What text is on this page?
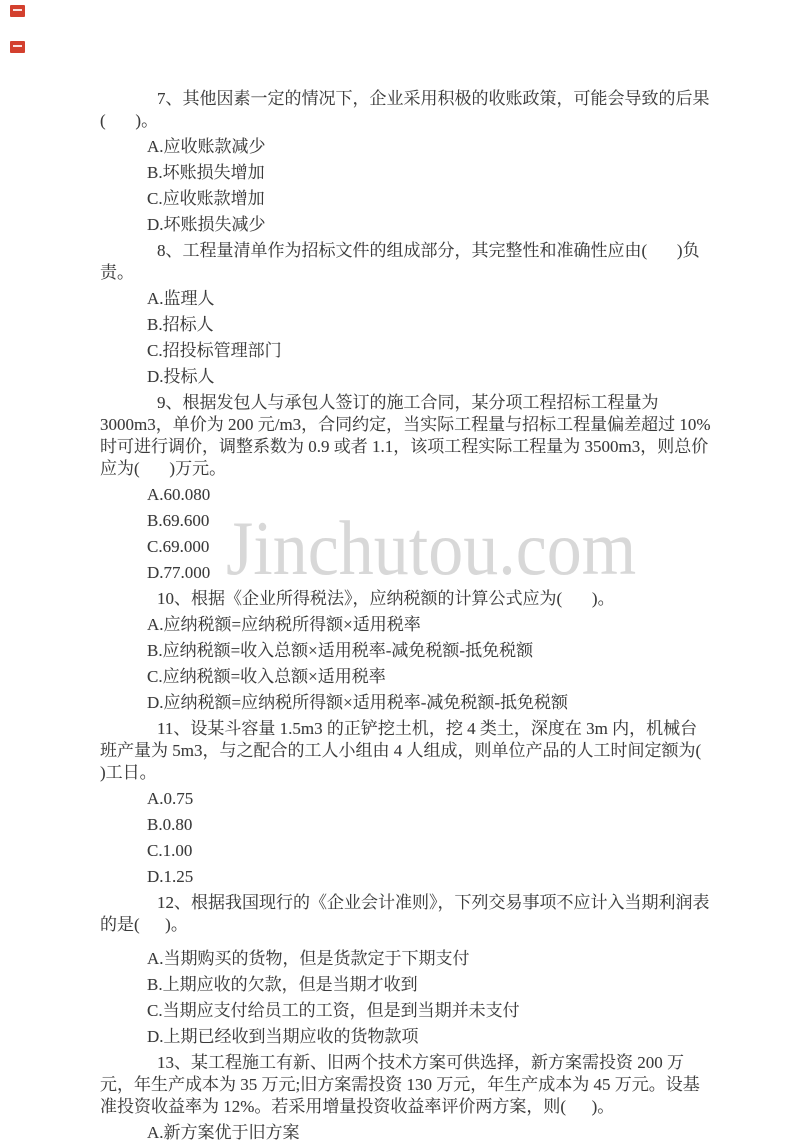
Jinchutou.com

7、其他因素一定的情况下，企业采用积极的收账政策，可能会导致的后果(       )。

A.应收账款减少

B.坏账损失增加

C.应收账款增加

D.坏账损失减少

8、工程量清单作为招标文件的组成部分，其完整性和准确性应由(       )负责。

A.监理人

B.招标人

C.招投标管理部门

D.投标人

9、根据发包人与承包人签订的施工合同，某分项工程招标工程量为 3000m3，单价为 200 元/m3，合同约定，当实际工程量与招标工程量偏差超过 10%时可进行调价，调整系数为 0.9 或者 1.1，该项工程实际工程量为 3500m3，则总价应为(       )万元。

A.60.080

B.69.600

C.69.000

D.77.000

10、根据《企业所得税法》，应纳税额的计算公式应为(       )。

A.应纳税额=应纳税所得额×适用税率

B.应纳税额=收入总额×适用税率-减免税额-抵免税额

C.应纳税额=收入总额×适用税率

D.应纳税额=应纳税所得额×适用税率-减免税额-抵免税额

11、设某斗容量 1.5m3 的正铲挖土机，挖 4 类土，深度在 3m 内，机械台班产量为 5m3，与之配合的工人小组由 4 人组成，则单位产品的人工时间定额为(      )工日。

A.0.75

B.0.80

C.1.00

D.1.25

12、根据我国现行的《企业会计准则》，下列交易事项不应计入当期利润表的是(      )。

A.当期购买的货物，但是货款定于下期支付

B.上期应收的欠款，但是当期才收到

C.当期应支付给员工的工资，但是到当期并未支付

D.上期已经收到当期应收的货物款项

13、某工程施工有新、旧两个技术方案可供选择，新方案需投资 200 万元，年生产成本为 35 万元;旧方案需投资 130 万元，年生产成本为 45 万元。设基准投资收益率为 12%。若采用增量投资收益率评价两方案，则(      )。

A.新方案优于旧方案
